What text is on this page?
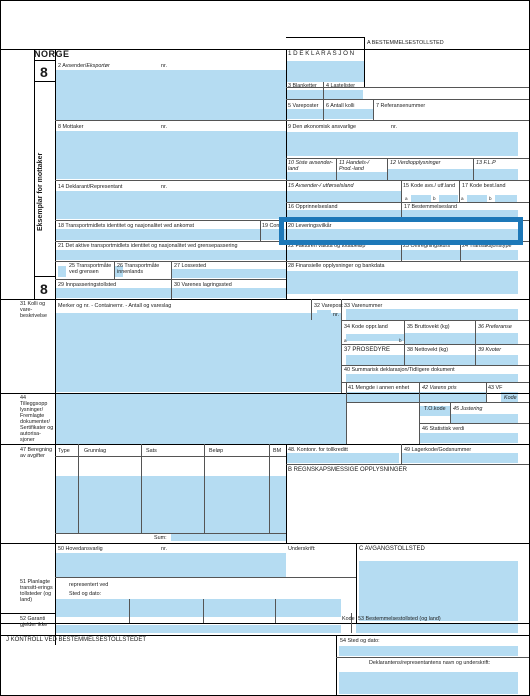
A BESTEMMELSESTOLLSTED
NORGE
8
Eksemplar for mottaker
8
1 D E K L A R A S J O N
2 Avsender/Eksportør	nr.
3 Blanketter 4 Lastelister
5 Vareposter 6 Antall kolli	7 Referansenummer
8 Mottaker	nr.	9 Den økonomisk ansvarlige	nr.
10 Siste avsender-land
11 Handels-/ Prod.-land
12 Verdiopplysninger	13 F.L.P
14 Deklarant/Representant	nr.	15 Avsender-/ utførselsland	15 Kode avs./ utf.land 17 Kode best.land
a	b	a	b
16 Opprinnelsesland	17 Bestemmelsesland
18 Transportmidlets identitet og nasjonalitet ved ankomst	19 Con 20 Leveringsvilkår
21 Det aktive transportmidlets identitet og nasjonalitet ved grensepassering	22 Fakturen valuta og totalbeløp	23 Omregningskurs 24 Transaksjonstype
25 Transportmåte ved grensen
26 Transportmåte innenlands
27 Lossested	28 Finansielle opplysninger og bankdata
29 Innpasseringstollsted	30 Varenes lagringssted
31 Kolli og vare-beskrivelse
Merker og nr. - Containernr. - Antall og vareslag	32 Varepost
nr.
33 Varenummer
34 Kode oppr.land	35 Bruttovekt (kg)	36 Preferanse
a	b
37 PROSEDYRE	38 Nettovekt (kg)	39 Kvoter
40 Summarisk deklarasjon/Tidligere dokument
41 Mengde i annen enhet 42 Varens pris	43 VF
Kode
44 Tilleggsopp lysninger/ Fremlagte dokumenter/ Sertifikater og autorisa-sjoner
T.O.kode 45 Justering
46 Statistisk verdi
47 Beregning av avgifter
Type	Grunnlag	Sats	Beløp	BM
Sum:
48. Kontonr. for tollkreditt	49 Lagerkode/Godsnummer
B REGNSKAPSMESSIGE OPPLYSNINGER
50 Hovedansvarlig	nr.	Underskrift:	C AVGANGSTOLLSTED
representert ved
Sted og dato:
51 Planlagte transitt-erings tollsteder (og land)
52 Garanti gjelder ikke
Kode 53 Bestemmelsestollsted (og land)
J KONTROLL VED BESTEMMELSESTOLLSTEDET	54 Sted og dato:
Deklarantens/representantens navn og underskrift:
